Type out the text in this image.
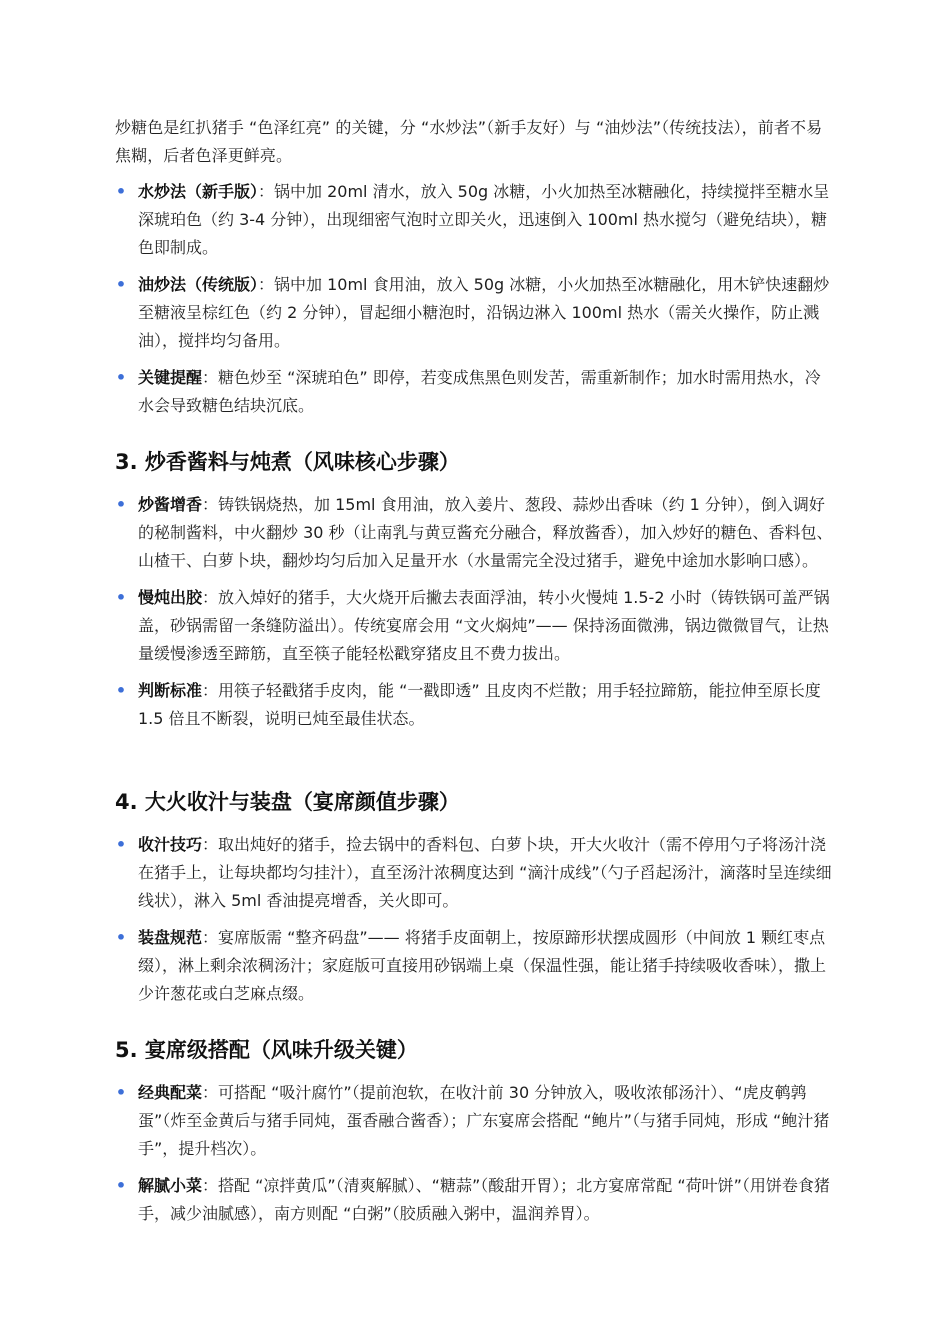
炒糖色是红扒猪手 “色泽红亮” 的关键，分 “水炒法”（新手友好）与 “油炒法”（传统技法），前者不易焦糊，后者色泽更鲜亮。

• 水炒法（新手版）：锅中加 20ml 清水，放入 50g 冰糖，小火加热至冰糖融化，持续搅拌至糖水呈深琥珀色（约 3-4 分钟），出现细密气泡时立即关火，迅速倒入 100ml 热水搅匀（避免结块），糖色即制成。
• 油炒法（传统版）：锅中加 10ml 食用油，放入 50g 冰糖，小火加热至冰糖融化，用木铲快速翻炒至糖液呈棕红色（约 2 分钟），冒起细小糖泡时，沿锅边淋入 100ml 热水（需关火操作，防止溅油），搅拌均匀备用。
• 关键提醒：糖色炒至 “深琥珀色” 即停，若变成焦黑色则发苦，需重新制作；加水时需用热水，冷水会导致糖色结块沉底。
3. 炒香酱料与炖煮（风味核心步骤）
• 炒酱增香：铸铁锅烧热，加 15ml 食用油，放入姜片、葱段、蒜炒出香味（约 1 分钟），倒入调好的秘制酱料，中火翻炒 30 秒（让南乳与黄豆酱充分融合，释放酱香），加入炒好的糖色、香料包、山楂干、白萝卜块，翻炒均匀后加入足量开水（水量需完全没过猪手，避免中途加水影响口感）。
• 慢炖出胶：放入焯好的猪手，大火烧开后撇去表面浮油，转小火慢炖 1.5-2 小时（铸铁锅可盖严锅盖，砂锅需留一条缝防溢出）。传统宴席会用 “文火焖炖”—— 保持汤面微沸，锅边微微冒气，让热量缓慢渗透至蹄筋，直至筷子能轻松戳穿猪皮且不费力拔出。
• 判断标准：用筷子轻戳猪手皮肉，能 “一戳即透” 且皮肉不烂散；用手轻拉蹄筋，能拉伸至原长度 1.5 倍且不断裂，说明已炖至最佳状态。
4. 大火收汁与装盘（宴席颜值步骤）
• 收汁技巧：取出炖好的猪手，捡去锅中的香料包、白萝卜块，开大火收汁（需不停用勺子将汤汁浇在猪手上，让每块都均匀挂汁），直至汤汁浓稠度达到 “滴汁成线”（勺子舀起汤汁，滴落时呈连续细线状），淋入 5ml 香油提亮增香，关火即可。
• 装盘规范：宴席版需 “整齐码盘”—— 将猪手皮面朝上，按原蹄形状摆成圆形（中间放 1 颗红枣点缀），淋上剩余浓稠汤汁；家庭版可直接用砂锅端上桌（保温性强，能让猪手持续吸收香味），撒上少许葱花或白芝麻点缀。
5. 宴席级搭配（风味升级关键）
• 经典配菜：可搭配 “吸汁腐竹”（提前泡软，在收汁前 30 分钟放入，吸收浓郁汤汁）、“虎皮鹌鹑蛋”（炸至金黄后与猪手同炖，蛋香融合酱香）；广东宴席会搭配 “鲍片”（与猪手同炖，形成 “鲍汁猪手”，提升档次）。
• 解腻小菜：搭配 “凉拌黄瓜”（清爽解腻）、“糖蒜”（酸甜开胃）；北方宴席常配 “荷叶饼”（用饼卷食猪手，减少油腻感），南方则配 “白粥”（胶质融入粥中，温润养胃）。
